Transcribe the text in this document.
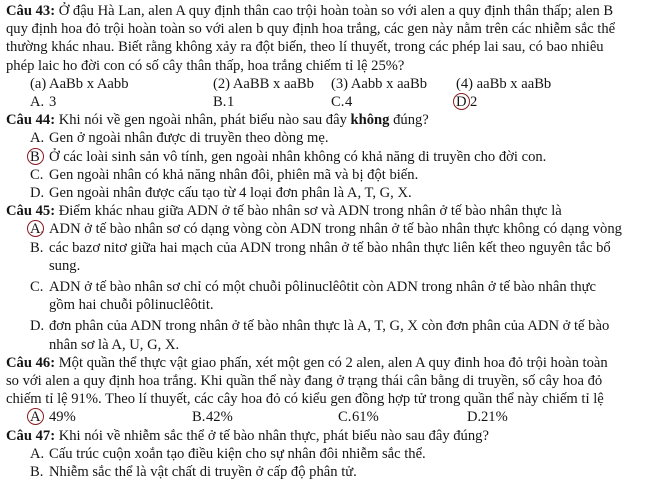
Câu 43: Ở đậu Hà Lan, alen A quy định thân cao trội hoàn toàn so với alen a quy định thân thấp; alen B
quy định hoa đỏ trội hoàn toàn so với alen b quy định hoa trắng, các gen này nằm trên các nhiễm sắc thể
thường khác nhau. Biết rằng không xảy ra đột biến, theo lí thuyết, trong các phép lai sau, có bao nhiêu
phép laic ho đời con có số cây thân thấp, hoa trắng chiếm tỉ lệ 25%?
(a) AaBb x Aabb	(2) AaBB x aaBb	(3) Aabb x aaBb	(4) aaBb x aaBb
A. 3	B.1	C.4	D 2
Câu 44: Khi nói về gen ngoài nhân, phát biểu nào sau đây không đúng?
A. Gen ở ngoài nhân được di truyền theo dòng mẹ.
B Ở các loài sinh sản vô tính, gen ngoài nhân không có khả năng di truyền cho đời con.
C. Gen ngoài nhân có khả năng nhân đôi, phiên mã và bị đột biến.
D. Gen ngoài nhân được cấu tạo từ 4 loại đơn phân là A, T, G, X.
Câu 45: Điểm khác nhau giữa ADN ở tế bào nhân sơ và ADN trong nhân ở tế bào nhân thực là
A. ADN ở tế bào nhân sơ có dạng vòng còn ADN trong nhân ở tế bào nhân thực không có dạng vòng
B. các bazơ nitơ giữa hai mạch của ADN trong nhân ở tế bào nhân thực liên kết theo nguyên tắc bổ
sung.
C. ADN ở tế bào nhân sơ chỉ có một chuỗi pôlinuclêôtit còn ADN trong nhân ở tế bào nhân thực
gồm hai chuỗi pôlinuclêôtit.
D. đơn phân của ADN trong nhân ở tế bào nhân thực là A, T, G, X còn đơn phân của ADN ở tế bào
nhân sơ là A, U, G, X.
Câu 46: Một quần thể thực vật giao phấn, xét một gen có 2 alen, alen A quy đinh hoa đỏ trội hoàn toàn
so với alen a quy định hoa trắng. Khi quần thể này đang ở trạng thái cân bằng di truyền, số cây hoa đỏ
chiếm tỉ lệ 91%. Theo lí thuyết, các cây hoa đỏ có kiểu gen đồng hợp tử trong quần thể này chiếm tỉ lệ
A 49%	B.42%	C.61%	D.21%
Câu 47: Khi nói về nhiễm sắc thể ở tế bào nhân thực, phát biểu nào sau đây đúng?
A. Cấu trúc cuộn xoắn tạo điều kiện cho sự nhân đôi nhiễm sắc thể.
B. Nhiễm sắc thể là vật chất di truyền ở cấp độ phân tử.
